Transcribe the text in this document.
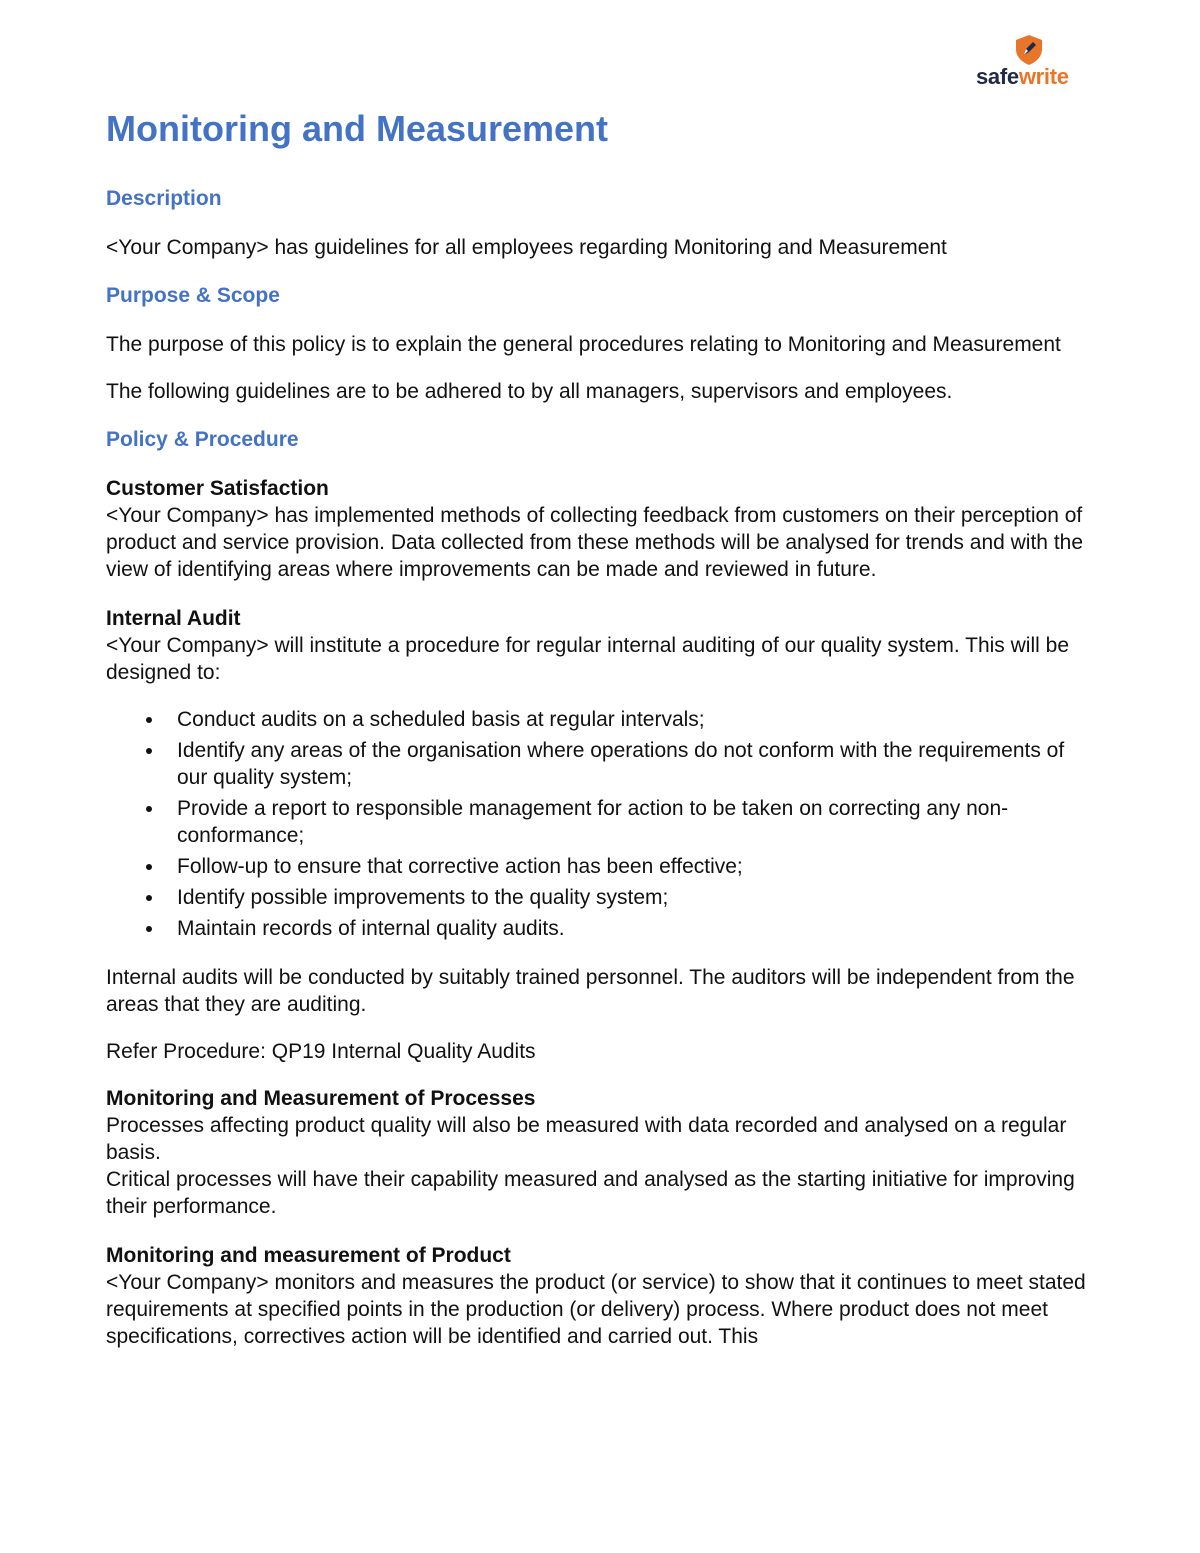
safewrite
Monitoring and Measurement
Description

<Your Company> has guidelines for all employees regarding Monitoring and Measurement

Purpose & Scope

The purpose of this policy is to explain the general procedures relating to Monitoring and Measurement

The following guidelines are to be adhered to by all managers, supervisors and employees.

Policy & Procedure
Customer Satisfaction
<Your Company> has implemented methods of collecting feedback from customers on their perception of product and service provision. Data collected from these methods will be analysed for trends and with the view of identifying areas where improvements can be made and reviewed in future.
Internal Audit
<Your Company> will institute a procedure for regular internal auditing of our quality system. This will be designed to:
Conduct audits on a scheduled basis at regular intervals;
Identify any areas of the organisation where operations do not conform with the requirements of our quality system;
Provide a report to responsible management for action to be taken on correcting any non-conformance;
Follow-up to ensure that corrective action has been effective;
Identify possible improvements to the quality system;
Maintain records of internal quality audits.

Internal audits will be conducted by suitably trained personnel. The auditors will be independent from the areas that they are auditing.

Refer Procedure: QP19 Internal Quality Audits

Monitoring and Measurement of Processes
Processes affecting product quality will also be measured with data recorded and analysed on a regular basis.
Critical processes will have their capability measured and analysed as the starting initiative for improving their performance.
Monitoring and measurement of Product
<Your Company> monitors and measures the product (or service) to show that it continues to meet stated requirements at specified points in the production (or delivery) process. Where product does not meet specifications, correctives action will be identified and carried out. This
